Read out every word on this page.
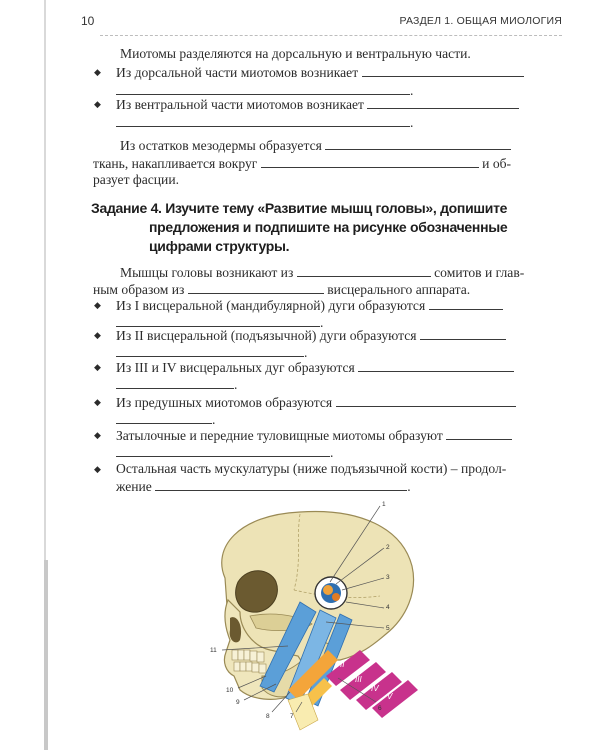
10	РАЗДЕЛ 1. ОБЩАЯ МИОЛОГИЯ
Миотомы разделяются на дорсальную и вентральную части.
◆ Из дорсальной части миотомов возникает
.
◆ Из вентральной части миотомов возникает
.
Из остатков мезодермы образуется
ткань, накапливается вокруг	и об-
разует фасции.
Задание 4. Изучите тему «Развитие мышц головы», допишите
предложения и подпишите на рисунке обозначенные
цифрами структуры.
Мышцы головы возникают из	сомитов и глав-
ным образом из	висцерального аппарата.
◆ Из I висцеральной (мандибулярной) дуги образуются
.
◆ Из II висцеральной (подъязычной) дуги образуются
.
◆ Из III и IV висцеральных дуг образуются
.
◆ Из предушных миотомов образуются
.
◆ Затылочные и передние туловищные миотомы образуют
.
◆ Остальная часть мускулатуры (ниже подъязычной кости) – продол-
жение	.
II
III
IV
V
1
2
3
4
5
6
7
8
9
10
11
